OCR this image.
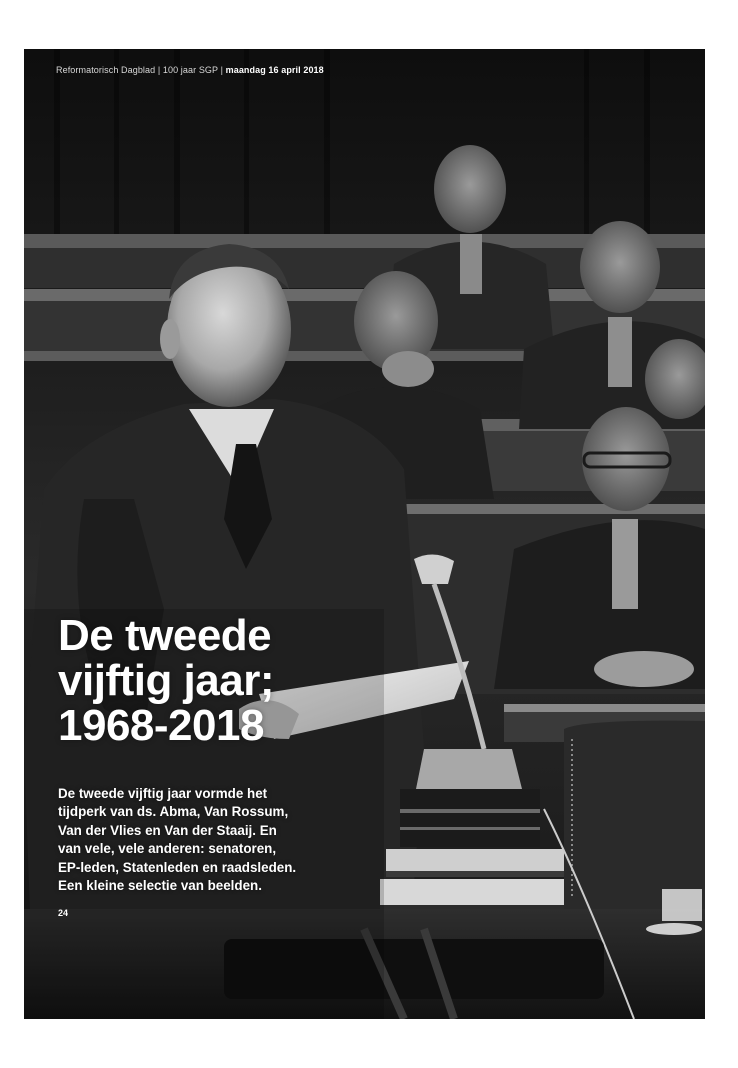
Reformatorisch Dagblad | 100 jaar SGP | maandag 16 april 2018
De tweede
vijftig jaar;
1968-2018

De tweede vijftig jaar vormde het
tijdperk van ds. Abma, Van Rossum,
Van der Vlies en Van der Staaij. En
van vele, vele anderen: senatoren,
EP-leden, Statenleden en raadsleden.
Een kleine selectie van beelden.

24
